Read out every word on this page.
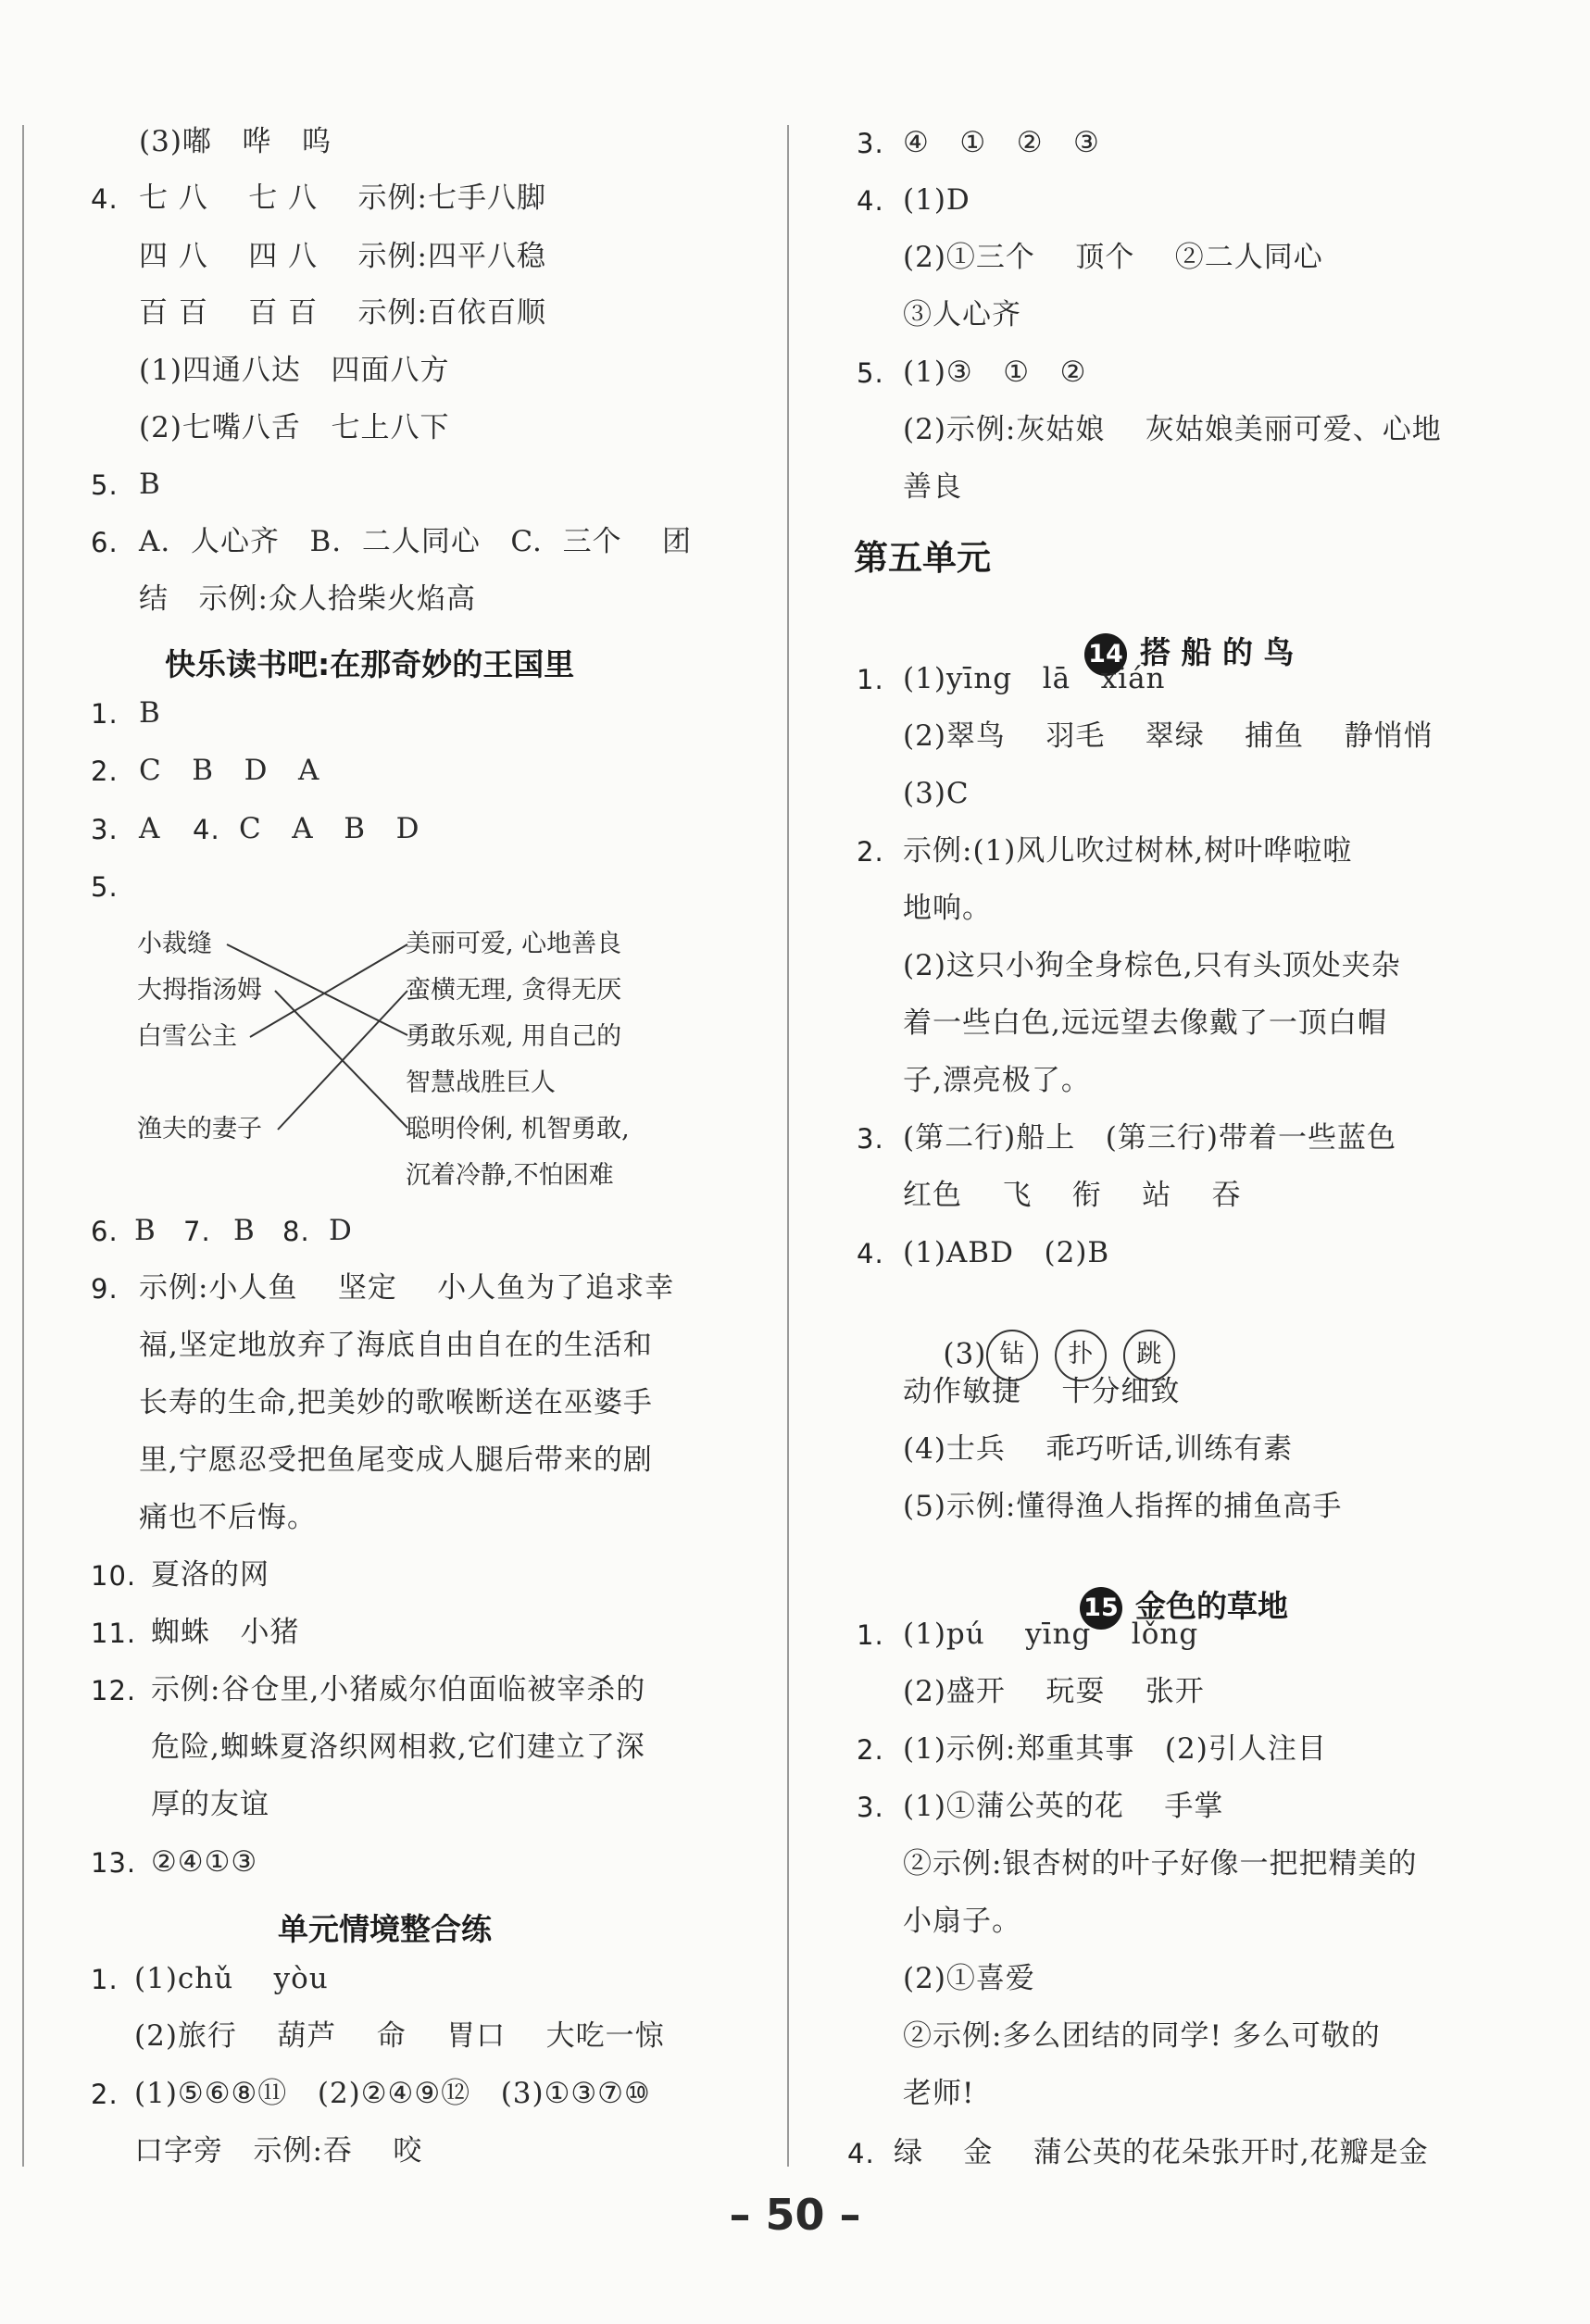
(3)嘟   哗   呜
4. 七 八    七 八    示例:七手八脚
四 八    四 八    示例:四平八稳
百 百    百 百    示例:百依百顺
(1)四通八达   四面八方
(2)七嘴八舌   七上八下
5. B
6. A.  人心齐   B.  二人同心   C.  三个    团
结   示例:众人拾柴火焰高
快乐读书吧:在那奇妙的王国里
1. B
2. C   B   D   A
3. A 4. C   A   B   D
5.
小裁缝
大拇指汤姆
白雪公主
渔夫的妻子
美丽可爱, 心地善良
蛮横无理, 贪得无厌
勇敢乐观, 用自己的
智慧战胜巨人
聪明伶俐, 机智勇敢,
沉着冷静,不怕困难
6. B 7. B 8. D
9. 示例:小人鱼    坚定    小人鱼为了追求幸
福,坚定地放弃了海底自由自在的生活和
长寿的生命,把美妙的歌喉断送在巫婆手
里,宁愿忍受把鱼尾变成人腿后带来的剧
痛也不后悔。
10. 夏洛的网
11. 蜘蛛   小猪
12. 示例:谷仓里,小猪威尔伯面临被宰杀的
危险,蜘蛛夏洛织网相救,它们建立了深
厚的友谊
13. ②④①③
单元情境整合练
1. (1)chǔ    yòu
(2)旅行    葫芦    命    胃口    大吃一惊
2. (1)⑤⑥⑧⑪   (2)②④⑨⑫   (3)①③⑦⑩
口字旁   示例:吞    咬
3. ④   ①   ②   ③
4. (1)D
(2)①三个    顶个    ②二人同心
③人心齐
5. (1)③   ①   ②
(2)示例:灰姑娘    灰姑娘美丽可爱、心地
善良
第五单元

14 搭 船 的 鸟

1. (1)yīng   lā   xián
(2)翠鸟    羽毛    翠绿    捕鱼    静悄悄
(3)C
2. 示例:(1)风儿吹过树林,树叶哗啦啦
地响。
(2)这只小狗全身棕色,只有头顶处夹杂
着一些白色,远远望去像戴了一顶白帽
子,漂亮极了。
3. (第二行)船上   (第三行)带着一些蓝色
红色    飞    衔    站    吞
4. (1)ABD   (2)B

(3) 钻 扑 跳

动作敏捷    十分细致
(4)士兵    乖巧听话,训练有素
(5)示例:懂得渔人指挥的捕鱼高手

15 金色的草地

1. (1)pú    yīng    lǒng
(2)盛开    玩耍    张开
2. (1)示例:郑重其事   (2)引人注目
3. (1)①蒲公英的花    手掌
②示例:银杏树的叶子好像一把把精美的
小扇子。
(2)①喜爱
②示例:多么团结的同学! 多么可敬的
老师!
4. 绿    金    蒲公英的花朵张开时,花瓣是金
– 50 –
